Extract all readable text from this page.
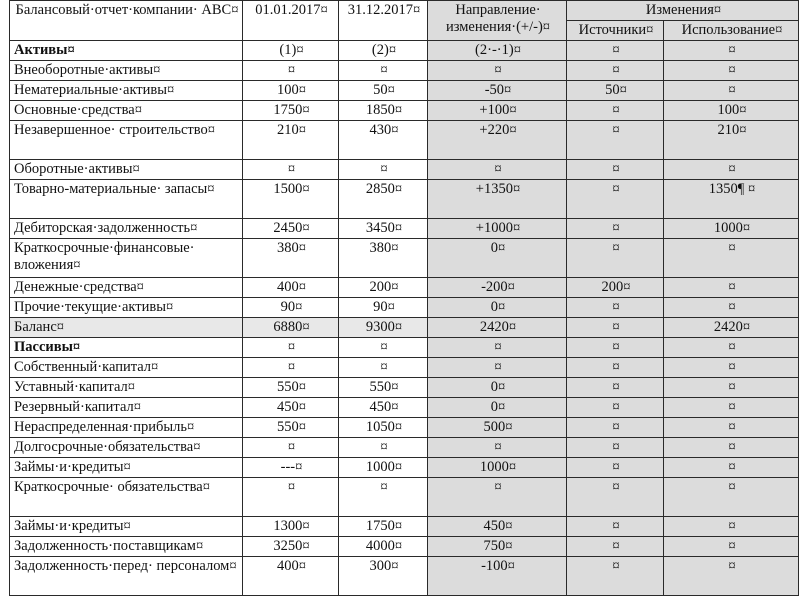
Балансовый·отчет·компании· ABC¤	01.01.2017¤	31.12.2017¤	Направление· изменения·(+/-)¤	Изменения¤	
				Источники¤	Использование¤
Активы¤	(1)¤	(2)¤	(2·-·1)¤	¤	¤
Внеоборотные·активы¤	¤	¤	¤	¤	¤
Нематериальные·активы¤	100¤	50¤	-50¤	50¤	¤
Основные·средства¤	1750¤	1850¤	+100¤	¤	100¤
Незавершенное· строительство¤	210¤	430¤	+220¤	¤	210¤
Оборотные·активы¤	¤	¤	¤	¤	¤
Товарно-материальные· запасы¤	1500¤	2850¤	+1350¤	¤	1350¶ ¤
Дебиторская·задолженность¤	2450¤	3450¤	+1000¤	¤	1000¤
Краткосрочные·финансовые· вложения¤	380¤	380¤	0¤	¤	¤
Денежные·средства¤	400¤	200¤	-200¤	200¤	¤
Прочие·текущие·активы¤	90¤	90¤	0¤	¤	¤
Баланс¤	6880¤	9300¤	2420¤	¤	2420¤
Пассивы¤	¤	¤	¤	¤	¤
Собственный·капитал¤	¤	¤	¤	¤	¤
Уставный·капитал¤	550¤	550¤	0¤	¤	¤
Резервный·капитал¤	450¤	450¤	0¤	¤	¤
Нераспределенная·прибыль¤	550¤	1050¤	500¤	¤	¤
Долгосрочные·обязательства¤	¤	¤	¤	¤	¤
Займы·и·кредиты¤	---¤	1000¤	1000¤	¤	¤
Краткосрочные· обязательства¤	¤	¤	¤	¤	¤
Займы·и·кредиты¤	1300¤	1750¤	450¤	¤	¤
Задолженность·поставщикам¤	3250¤	4000¤	750¤	¤	¤
Задолженность·перед· персоналом¤	400¤	300¤	-100¤	¤	¤
